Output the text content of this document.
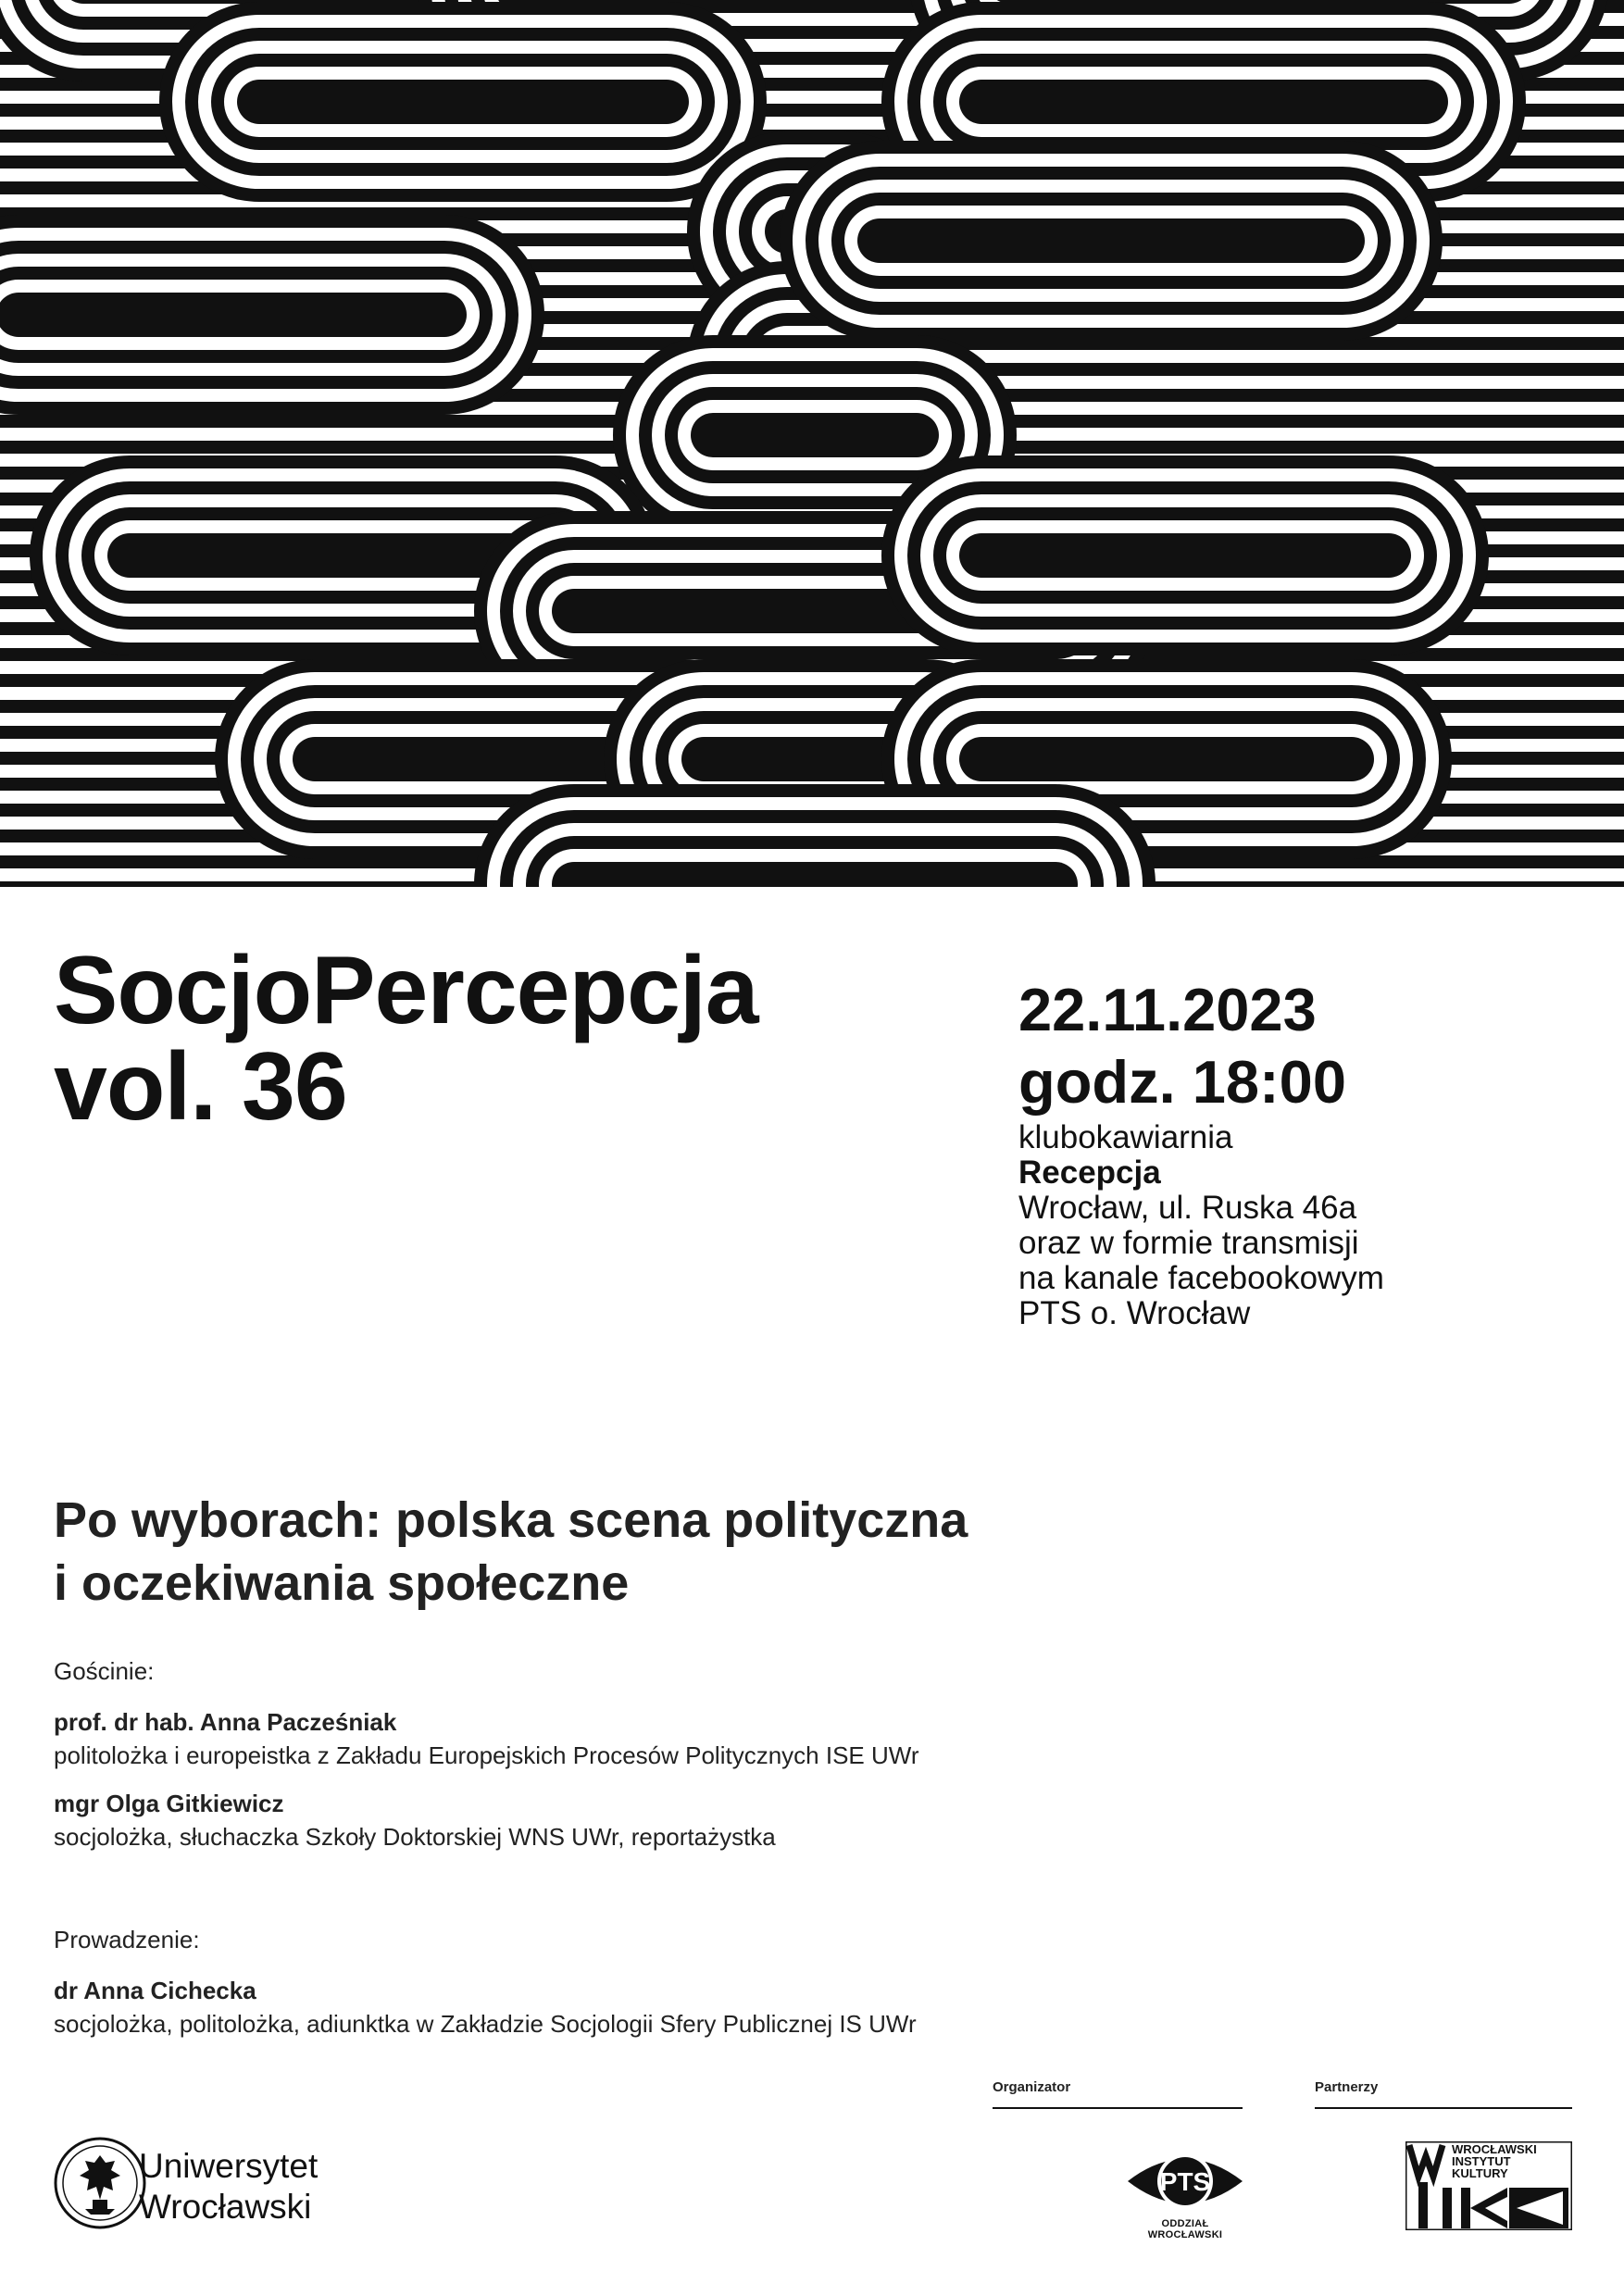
SocjoPercepcja
vol. 36
22.11.2023
godz. 18:00
klubokawiarnia
Recepcja
Wrocław, ul. Ruska 46a
oraz w formie transmisji
na kanale facebookowym
PTS o. Wrocław
Po wyborach: polska scena polityczna
i oczekiwania społeczne
Gościnie:
prof. dr hab. Anna Pacześniak
politolożka i europeistka z Zakładu Europejskich Procesów Politycznych ISE UWr
mgr Olga Gitkiewicz
socjolożka, słuchaczka Szkoły Doktorskiej WNS UWr, reportażystka
Prowadzenie:
dr Anna Cichecka
socjolożka, politolożka, adiunktka w Zakładzie Socjologii Sfery Publicznej IS UWr
Organizator	Partnerzy
Uniwersytet
Wrocławski
PTS
ODDZIAŁ WROCŁAWSKI
WROCŁAWSKI
INSTYTUT
KULTURY
